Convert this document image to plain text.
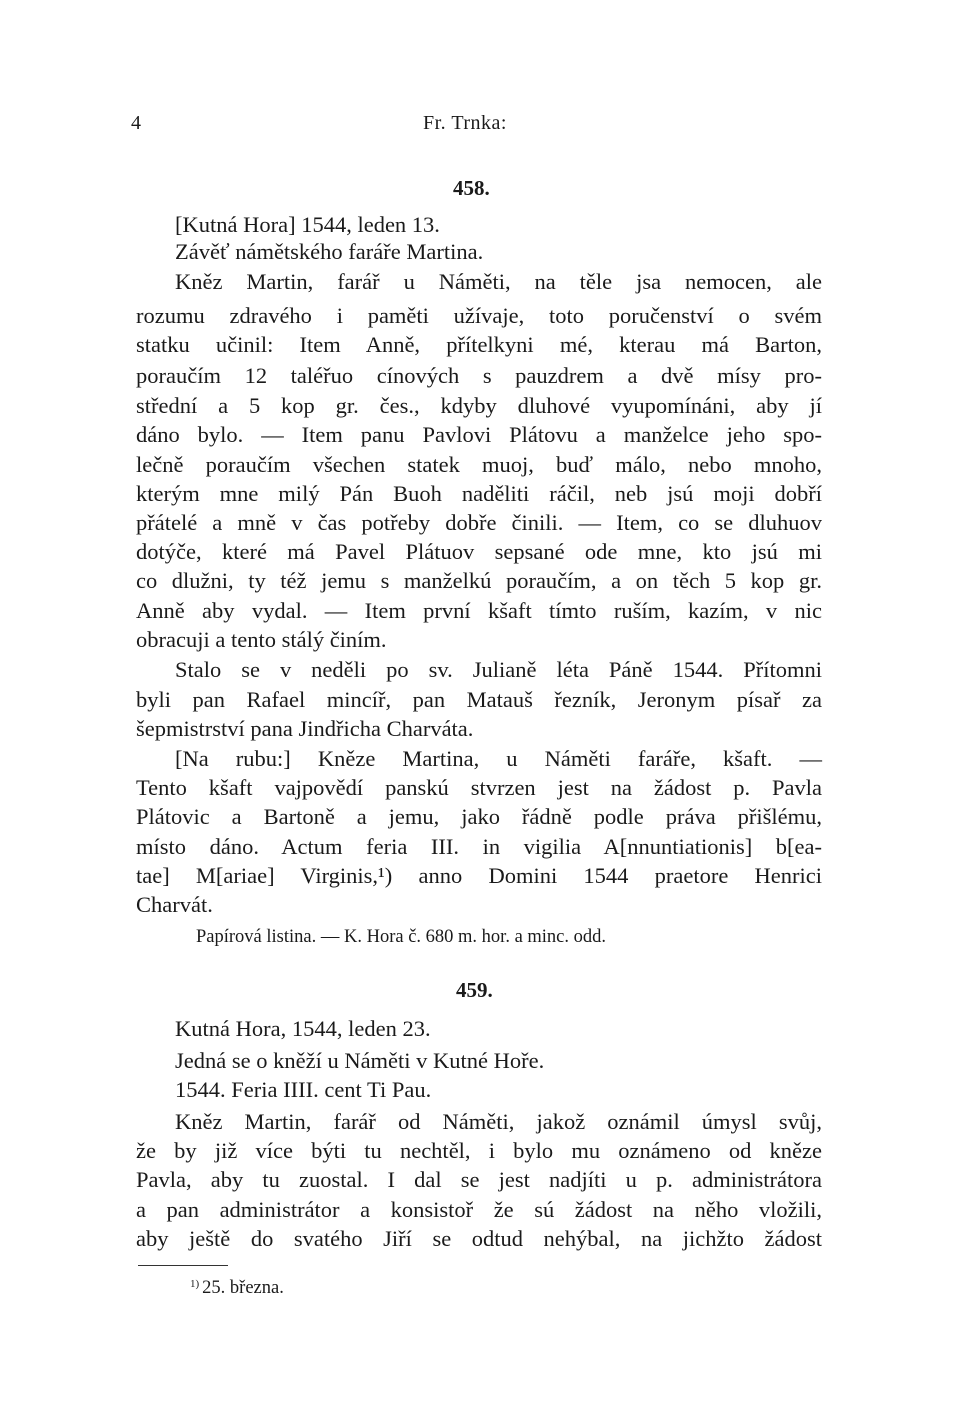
4	Fr. Trnka:
458.
[Kutná Hora] 1544, leden 13.
Závěť námětského faráře Martina.
Kněz Martin, farář u Náměti, na těle jsa nemocen, ale
rozumu zdravého i paměti užívaje, toto poručenství o svém
statku učinil: Item Anně, přítelkyni mé, kterau má Barton,
poraučím 12 taléřuo cínových s pauzdrem a dvě mísy pro-
střední a 5 kop gr. čes., kdyby dluhové vyupomínáni, aby jí
dáno bylo. — Item panu Pavlovi Plátovu a manželce jeho spo-
lečně poraučím všechen statek muoj, buď málo, nebo mnoho,
kterým mne milý Pán Buoh naděliti ráčil, neb jsú moji dobří
přátelé a mně v čas potřeby dobře činili. — Item, co se dluhuov
dotýče, které má Pavel Plátuov sepsané ode mne, kto jsú mi
co dlužni, ty též jemu s manželkú poraučím, a on těch 5 kop gr.
Anně aby vydal. — Item první kšaft tímto ruším, kazím, v nic
obracuji a tento stálý činím.
Stalo se v neděli po sv. Julianě léta Páně 1544. Přítomni
byli pan Rafael mincíř, pan Matauš řezník, Jeronym písař za
šepmistrství pana Jindřicha Charváta.
[Na rubu:] Kněze Martina, u Náměti faráře, kšaft. —
Tento kšaft vajpovědí panskú stvrzen jest na žádost p. Pavla
Plátovic a Bartoně a jemu, jako řádně podle práva přišlému,
místo dáno. Actum feria III. in vigilia A[nnuntiationis] b[ea-
tae] M[ariae] Virginis,¹) anno Domini 1544 praetore Henrici
Charvát.
Papírová listina. — K. Hora č. 680 m. hor. a minc. odd.
459.
Kutná Hora, 1544, leden 23.
Jedná se o kněží u Náměti v Kutné Hoře.
1544. Feria IIII. cent Ti Pau.
Kněz Martin, farář od Náměti, jakož oznámil úmysl svůj,
že by již více býti tu nechtěl, i bylo mu oznámeno od kněze
Pavla, aby tu zuostal. I dal se jest nadjíti u p. administrátora
a pan administrátor a konsistoř že sú žádost na něho vložili,
aby ještě do svatého Jiří se odtud nehýbal, na jichžto žádost
$^{1)}$ 25. března.
